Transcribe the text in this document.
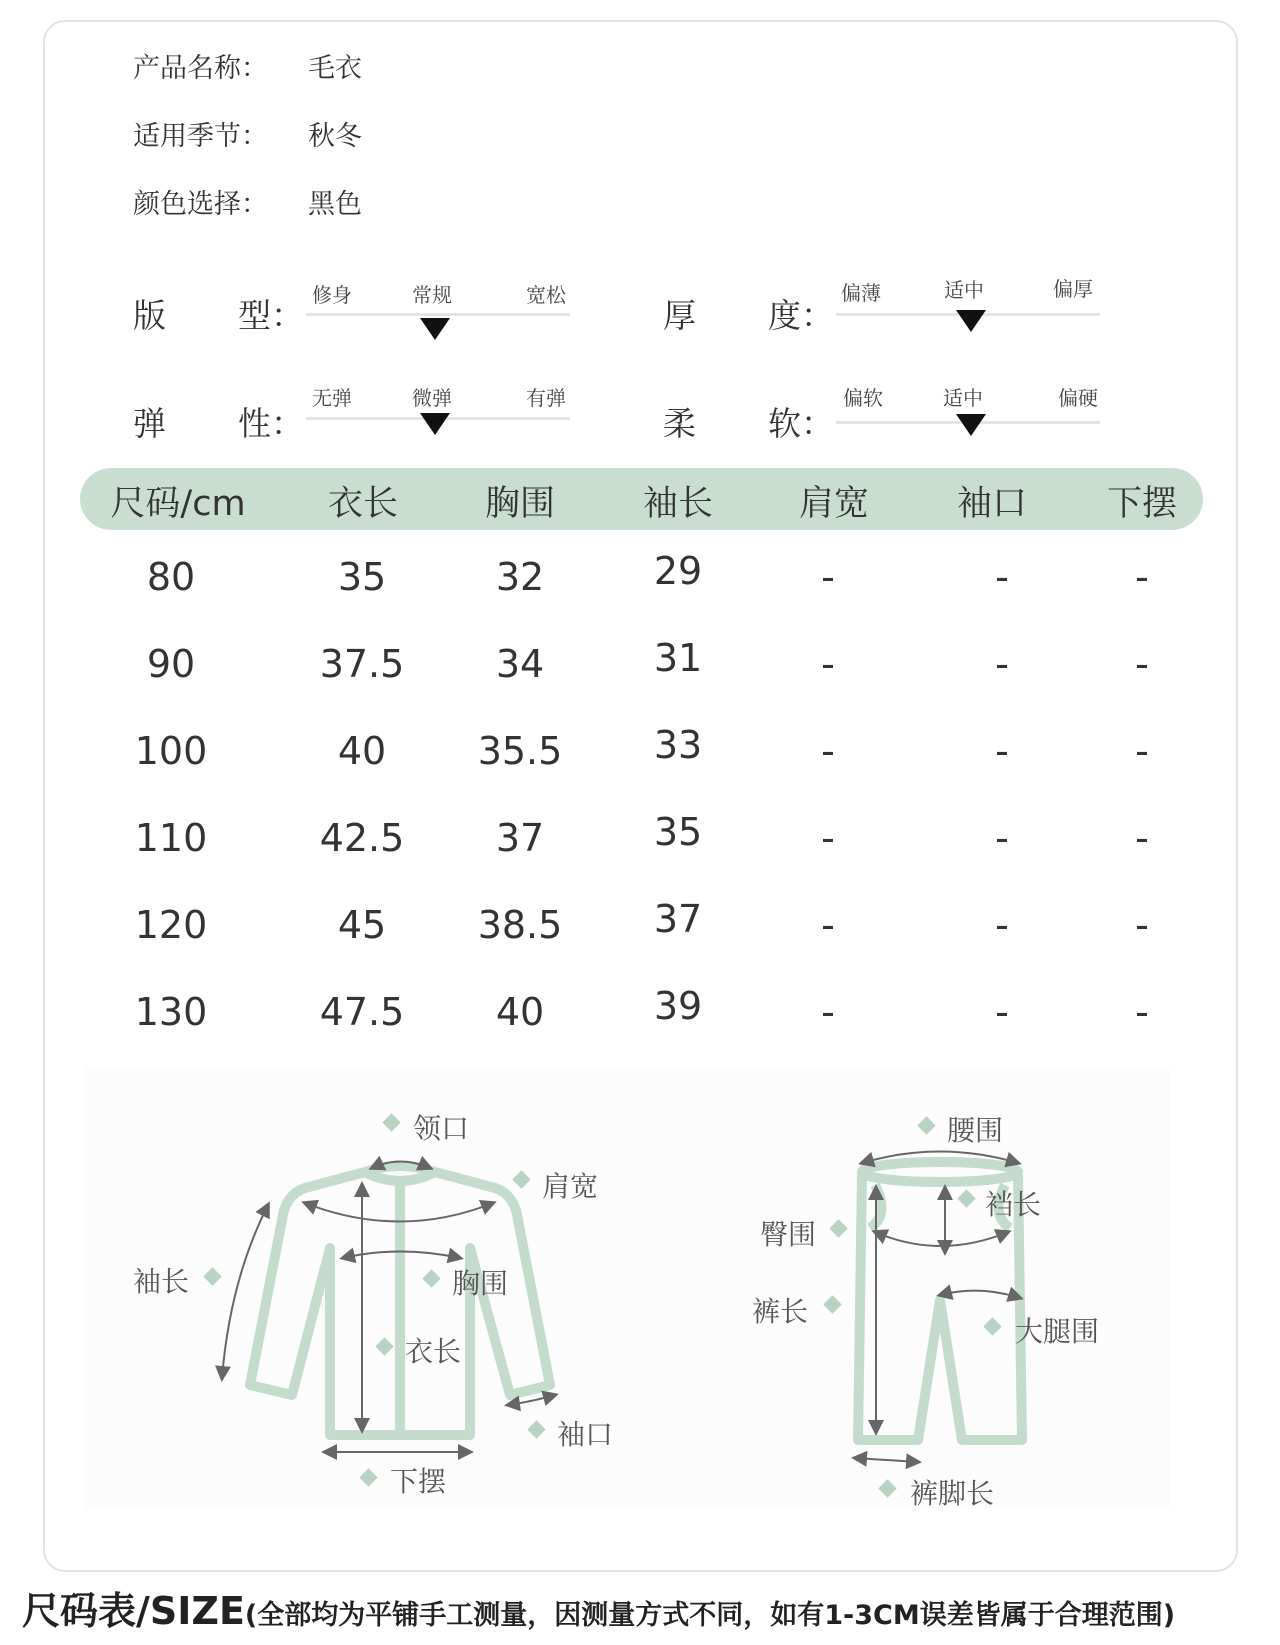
产品名称： 毛衣
适用季节： 秋冬
颜色选择： 黑色
版 型：
修身	常规	宽松
厚 度：
偏薄	适中	偏厚
弹 性：
无弹	微弹	有弹
柔 软：
偏软	适中	偏硬
尺码/cm 衣长 胸围	袖长 肩宽	袖口 下摆
80	35	32	29	-	-	-
90	37.5 34	31	-	-	-
100	40 35.5 33	-	-	-
110	42.5 37	35	-	-	-
120	45 38.5 37	-	-	-
130	47.5 40	39	-	-	-
领口
肩宽
袖长	胸围
衣长
袖口
下摆
腰围
裆长
臀围
裤长
大腿围
裤脚长
尺码表/SIZE(全部均为平铺手工测量，因测量方式不同，如有1-3CM误差皆属于合理范围)
